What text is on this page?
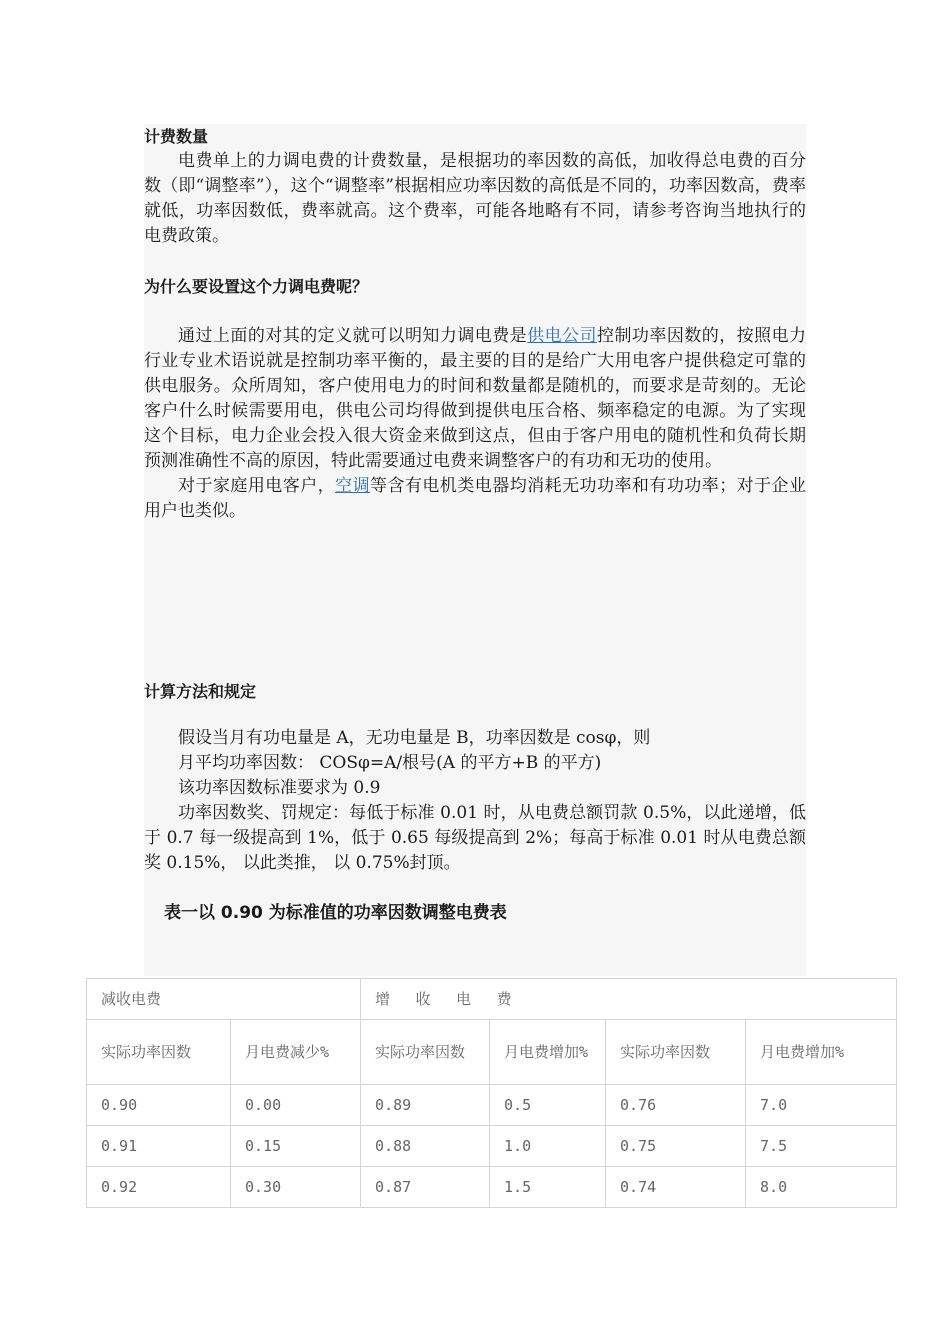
计费数量

电费单上的力调电费的计费数量，是根据功的率因数的高低，加收得总电费的百分数（即“调整率”），这个“调整率”根据相应功率因数的高低是不同的，功率因数高，费率就低，功率因数低，费率就高。这个费率，可能各地略有不同，请参考咨询当地执行的电费政策。

为什么要设置这个力调电费呢？

通过上面的对其的定义就可以明知力调电费是供电公司控制功率因数的，按照电力行业专业术语说就是控制功率平衡的，最主要的目的是给广大用电客户提供稳定可靠的供电服务。众所周知，客户使用电力的时间和数量都是随机的，而要求是苛刻的。无论客户什么时候需要用电，供电公司均得做到提供电压合格、频率稳定的电源。为了实现这个目标，电力企业会投入很大资金来做到这点，但由于客户用电的随机性和负荷长期预测准确性不高的原因，特此需要通过电费来调整客户的有功和无功的使用。

对于家庭用电客户，空调等含有电机类电器均消耗无功功率和有功功率；对于企业用户也类似。

计算方法和规定

假设当月有功电量是 A，无功电量是 B，功率因数是 cosφ，则

月平均功率因数： COSφ=A/根号(A 的平方+B 的平方)

该功率因数标准要求为 0.9

功率因数奖、罚规定：每低于标准 0.01 时，从电费总额罚款 0.5%，以此递增，低于 0.7 每一级提高到 1%，低于 0.65 每级提高到 2%；每高于标准 0.01 时从电费总额奖 0.15%， 以此类推， 以 0.75%封顶。

表一以 0.90 为标准值的功率因数调整电费表
减收电费		增 收 电 费			
实际功率因数	月电费减少%	实际功率因数	月电费增加%	实际功率因数	月电费增加%
0.90	0.00	0.89	0.5	0.76	7.0
0.91	0.15	0.88	1.0	0.75	7.5
0.92	0.30	0.87	1.5	0.74	8.0
